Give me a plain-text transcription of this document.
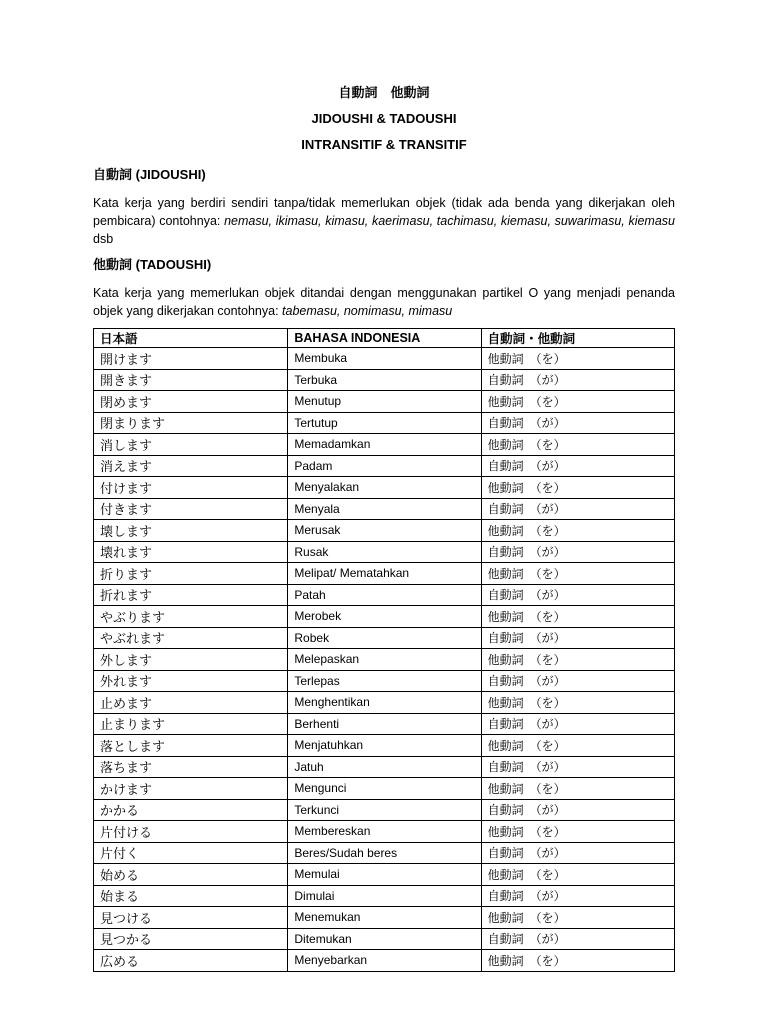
自動詞　他動詞

JIDOUSHI & TADOUSHI

INTRANSITIF & TRANSITIF

自動詞 (JIDOUSHI)

Kata kerja yang berdiri sendiri tanpa/tidak memerlukan objek (tidak ada benda yang dikerjakan oleh pembicara) contohnya: nemasu, ikimasu, kimasu, kaerimasu, tachimasu, kiemasu, suwarimasu, kiemasu dsb

他動詞 (TADOUSHI)

Kata kerja yang memerlukan objek ditandai dengan menggunakan partikel O yang menjadi penanda objek yang dikerjakan contohnya: tabemasu, nomimasu, mimasu

日本語	BAHASA INDONESIA	自動詞・他動詞
開けます	Membuka	他動詞　（を）
開きます	Terbuka	自動詞　（が）
閉めます	Menutup	他動詞　（を）
閉まります	Tertutup	自動詞　（が）
消します	Memadamkan	他動詞　（を）
消えます	Padam	自動詞　（が）
付けます	Menyalakan	他動詞　（を）
付きます	Menyala	自動詞　（が）
壊します	Merusak	他動詞　（を）
壊れます	Rusak	自動詞　（が）
折ります	Melipat/ Mematahkan	他動詞　（を）
折れます	Patah	自動詞　（が）
やぶります	Merobek	他動詞　（を）
やぶれます	Robek	自動詞　（が）
外します	Melepaskan	他動詞　（を）
外れます	Terlepas	自動詞　（が）
止めます	Menghentikan	他動詞　（を）
止まります	Berhenti	自動詞　（が）
落とします	Menjatuhkan	他動詞　（を）
落ちます	Jatuh	自動詞　（が）
かけます	Mengunci	他動詞　（を）
かかる	Terkunci	自動詞　（が）
片付ける	Membereskan	他動詞　（を）
片付く	Beres/Sudah beres	自動詞　（が）
始める	Memulai	他動詞　（を）
始まる	Dimulai	自動詞　（が）
見つける	Menemukan	他動詞　（を）
見つかる	Ditemukan	自動詞　（が）
広める	Menyebarkan	他動詞　（を）
